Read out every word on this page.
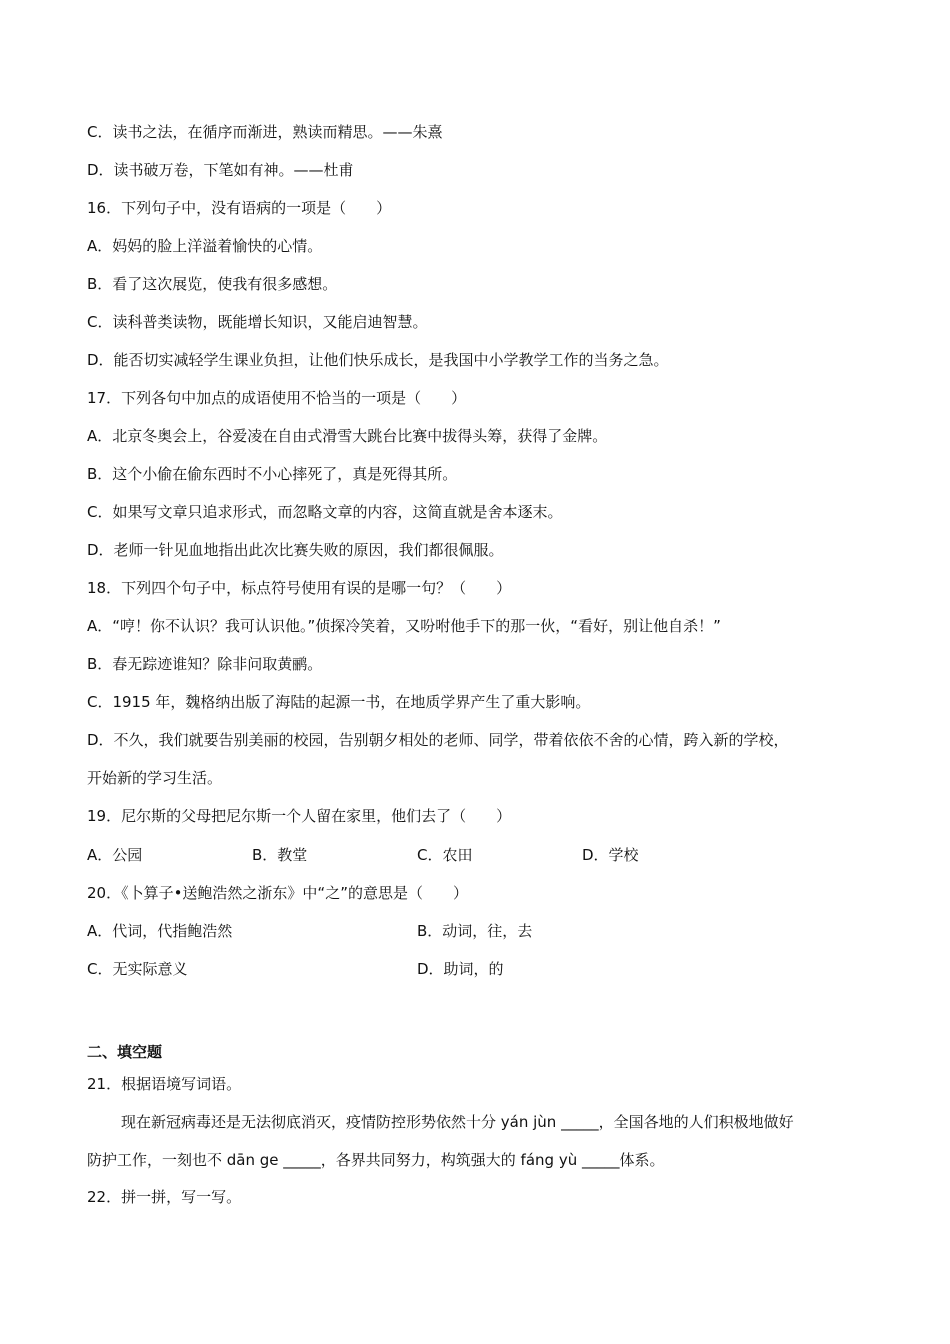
C．读书之法，在循序而渐进，熟读而精思。——朱熹
D．读书破万卷，下笔如有神。——杜甫
16．下列句子中，没有语病的一项是（　　）
A．妈妈的脸上洋溢着愉快的心情。
B．看了这次展览，使我有很多感想。
C．读科普类读物，既能增长知识，又能启迪智慧。
D．能否切实减轻学生课业负担，让他们快乐成长，是我国中小学教学工作的当务之急。
17．下列各句中加点的成语使用不恰当的一项是（　　）
A．北京冬奥会上，谷爱凌在自由式滑雪大跳台比赛中拔得头筹，获得了金牌。
B．这个小偷在偷东西时不小心摔死了，真是死得其所。
C．如果写文章只追求形式，而忽略文章的内容，这简直就是舍本逐末。
D．老师一针见血地指出此次比赛失败的原因，我们都很佩服。
18．下列四个句子中，标点符号使用有误的是哪一句？（　　）
A．“哼！你不认识？我可认识他。”侦探冷笑着，又吩咐他手下的那一伙，“看好，别让他自杀！”
B．春无踪迹谁知？除非问取黄鹂。
C．1915 年，魏格纳出版了海陆的起源一书，在地质学界产生了重大影响。
D．不久，我们就要告别美丽的校园，告别朝夕相处的老师、同学，带着依依不舍的心情，跨入新的学校，
开始新的学习生活。
19．尼尔斯的父母把尼尔斯一个人留在家里，他们去了（　　）
A．公园	B．教堂	C．农田	D．学校
20．《卜算子•送鲍浩然之浙东》中“之”的意思是（　　）
A．代词，代指鲍浩然	B．动词，往，去
C．无实际意义	D．助词，的
二、填空题
21．根据语境写词语。
现在新冠病毒还是无法彻底消灭，疫情防控形势依然十分 yán jùn _____，全国各地的人们积极地做好
防护工作，一刻也不 dān ge _____，各界共同努力，构筑强大的 fáng yù _____体系。
22．拼一拼，写一写。
